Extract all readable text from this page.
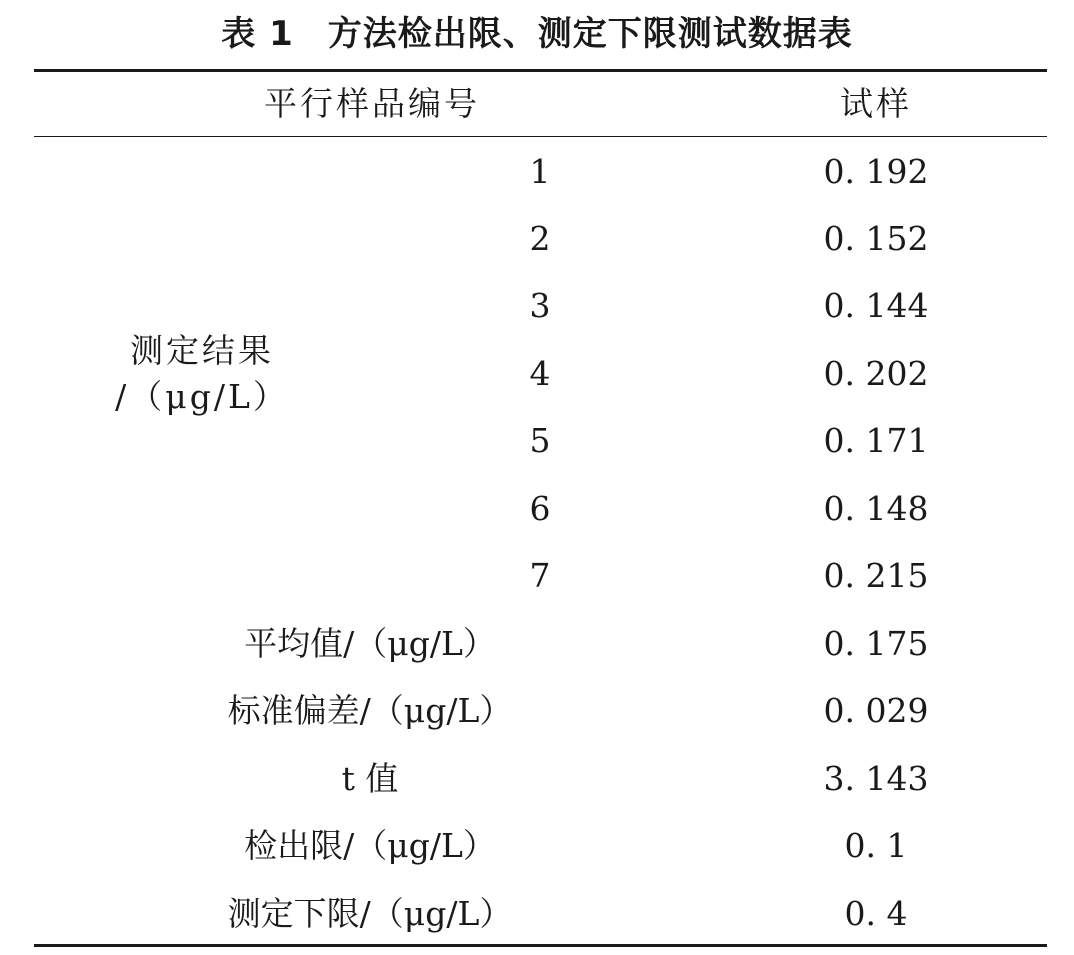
表 1 方法检出限、测定下限测试数据表
平行样品编号	试样
测定结果
/（μg/L）
1	0. 192
2	0. 152
3	0. 144
4	0. 202
5	0. 171
6	0. 148
7	0. 215
平均值/（μg/L）	0. 175
标准偏差/（μg/L）	0. 029
t 值	3. 143
检出限/（μg/L）	0. 1
测定下限/（μg/L）	0. 4
